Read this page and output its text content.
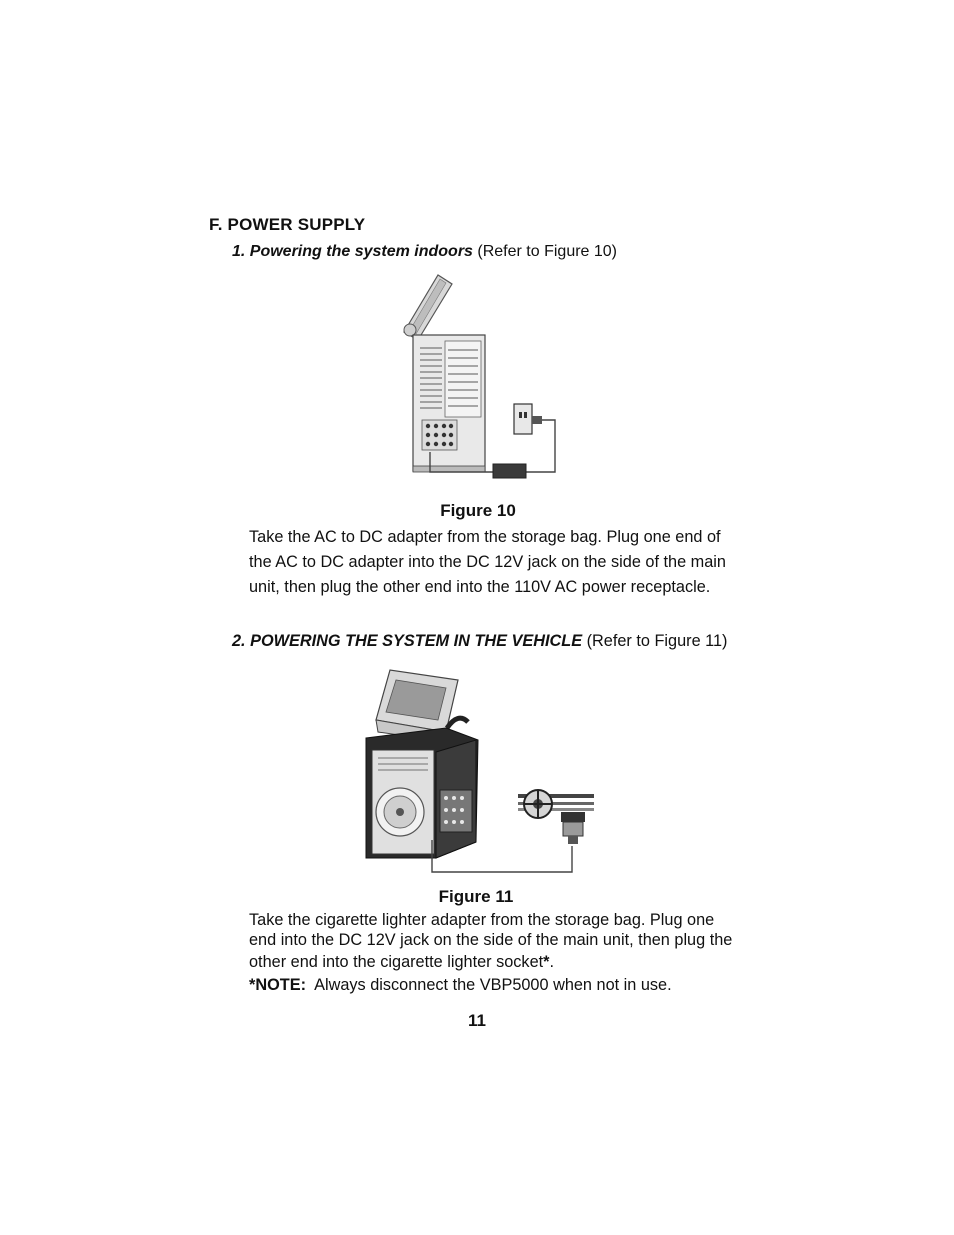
F. POWER SUPPLY
1. Powering the system indoors (Refer to Figure 10)
Figure 10
Take the AC to DC adapter from the storage bag. Plug one end of the AC to DC adapter into the DC 12V jack on the side of the main unit, then plug the other end into the 110V AC power receptacle.
2. POWERING THE SYSTEM IN THE VEHICLE (Refer to Figure 11)
Figure 11
Take the cigarette lighter adapter from the storage bag. Plug one
end into the DC 12V jack on the side of the main unit, then plug the
other end into the cigarette lighter socket*.
*NOTE:  Always disconnect the VBP5000 when not in use.
11
